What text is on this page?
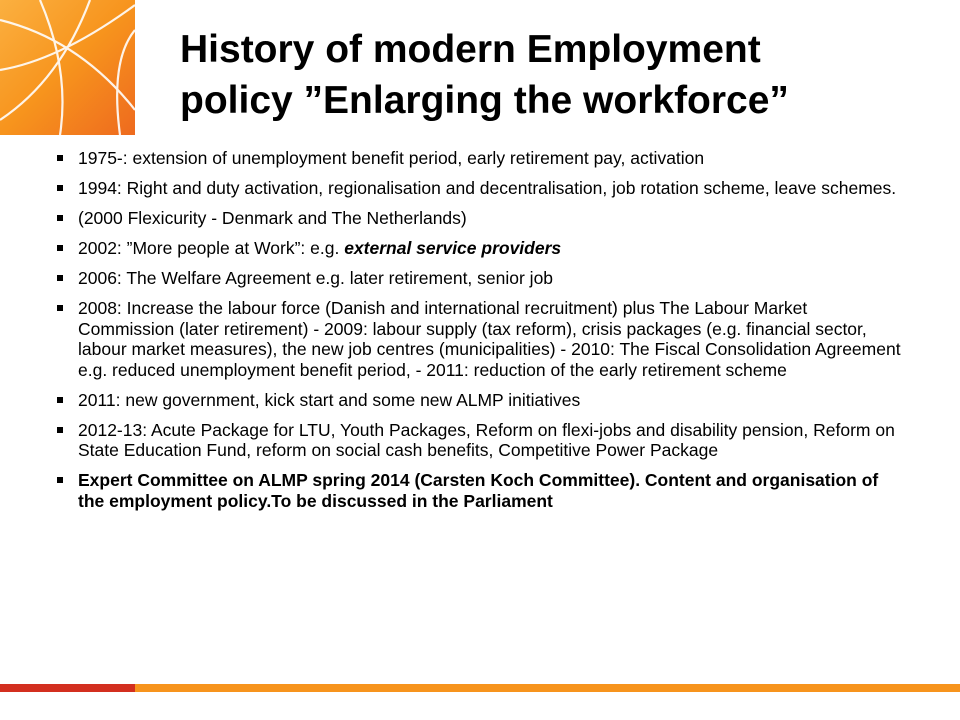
History of modern Employment
policy ”Enlarging the workforce”
1975-: extension of unemployment benefit period, early retirement pay, activation
1994: Right and duty activation, regionalisation and decentralisation, job rotation scheme, leave schemes.
(2000 Flexicurity - Denmark and The Netherlands)
2002: ”More people at Work”: e.g. external service providers
2006: The Welfare Agreement e.g. later retirement, senior job
2008: Increase the labour force (Danish and international recruitment) plus The Labour Market Commission (later retirement) - 2009: labour supply (tax reform), crisis packages (e.g. financial sector, labour market measures), the new job centres (municipalities) - 2010: The Fiscal Consolidation Agreement e.g. reduced unemployment benefit period, - 2011: reduction of the early retirement scheme
2011: new government, kick start and some new ALMP initiatives
2012-13: Acute Package for LTU, Youth Packages, Reform on flexi-jobs and disability pension, Reform on State Education Fund, reform on social cash benefits, Competitive Power Package
Expert Committee on ALMP spring 2014 (Carsten Koch Committee). Content and organisation of the employment policy.To be discussed in the Parliament
